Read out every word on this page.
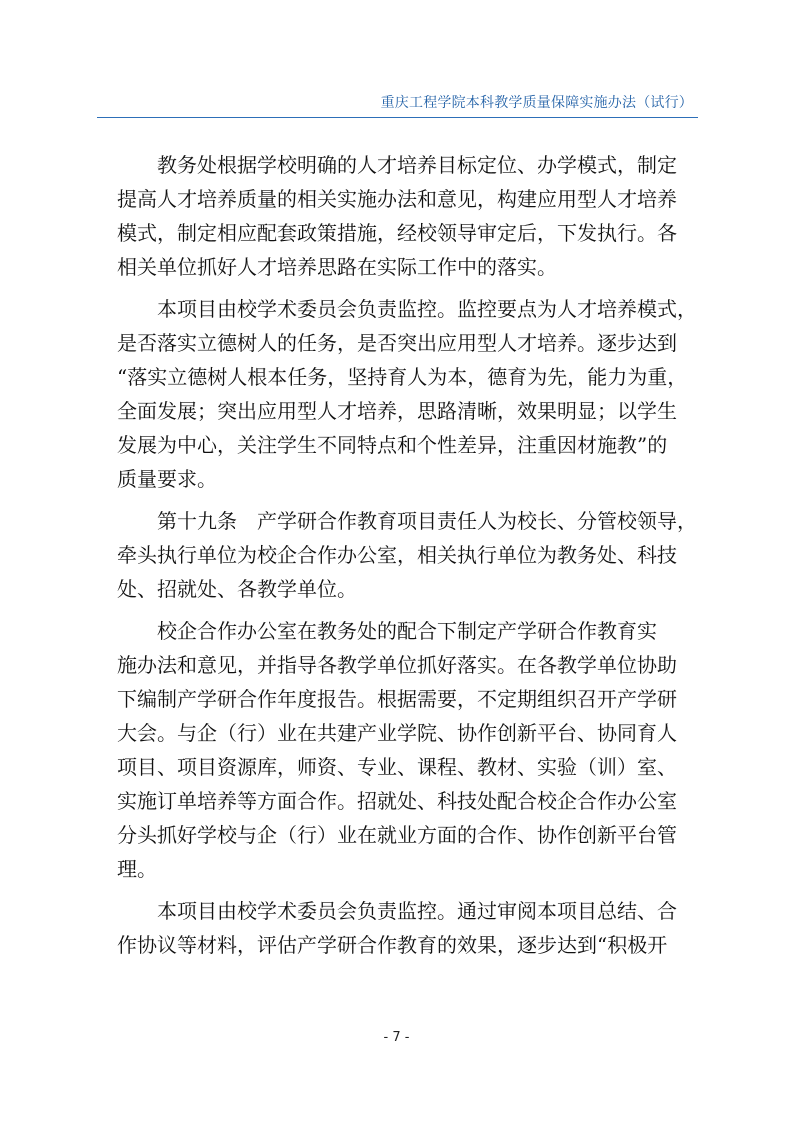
重庆工程学院本科教学质量保障实施办法（试行）
教务处根据学校明确的人才培养目标定位、办学模式，制定
提高人才培养质量的相关实施办法和意见，构建应用型人才培养
模式，制定相应配套政策措施，经校领导审定后，下发执行。各
相关单位抓好人才培养思路在实际工作中的落实。
本项目由校学术委员会负责监控。监控要点为人才培养模式，
是否落实立德树人的任务，是否突出应用型人才培养。逐步达到
“落实立德树人根本任务，坚持育人为本，德育为先，能力为重，
全面发展；突出应用型人才培养，思路清晰，效果明显；以学生
发展为中心，关注学生不同特点和个性差异，注重因材施教”的
质量要求。
第十九条　产学研合作教育项目责任人为校长、分管校领导，
牵头执行单位为校企合作办公室，相关执行单位为教务处、科技
处、招就处、各教学单位。
校企合作办公室在教务处的配合下制定产学研合作教育实
施办法和意见，并指导各教学单位抓好落实。在各教学单位协助
下编制产学研合作年度报告。根据需要，不定期组织召开产学研
大会。与企（行）业在共建产业学院、协作创新平台、协同育人
项目、项目资源库，师资、专业、课程、教材、实验（训）室、
实施订单培养等方面合作。招就处、科技处配合校企合作办公室
分头抓好学校与企（行）业在就业方面的合作、协作创新平台管
理。
本项目由校学术委员会负责监控。通过审阅本项目总结、合
作协议等材料，评估产学研合作教育的效果，逐步达到“积极开
- 7 -
